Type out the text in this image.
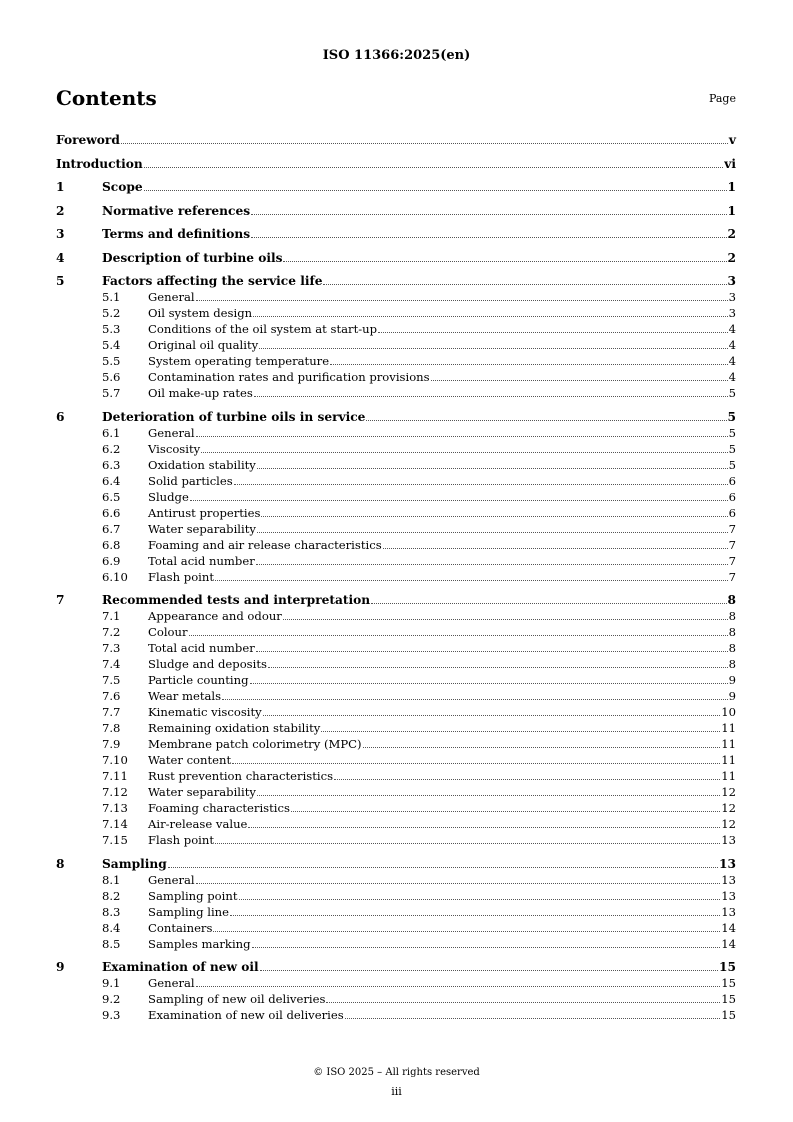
ISO 11366:2025(en)
Contents	Page
Foreword	v
Introduction	vi
1	Scope	1
2	Normative references	1
3	Terms and definitions	2
4	Description of turbine oils	2
5	Factors affecting the service life	3
5.1	General	3
5.2	Oil system design	3
5.3	Conditions of the oil system at start-up	4
5.4	Original oil quality	4
5.5	System operating temperature	4
5.6	Contamination rates and purification provisions	4
5.7	Oil make-up rates	5
6	Deterioration of turbine oils in service	5
6.1	General	5
6.2	Viscosity	5
6.3	Oxidation stability	5
6.4	Solid particles	6
6.5	Sludge	6
6.6	Antirust properties	6
6.7	Water separability	7
6.8	Foaming and air release characteristics	7
6.9	Total acid number	7
6.10	Flash point	7
7	Recommended tests and interpretation	8
7.1	Appearance and odour	8
7.2	Colour	8
7.3	Total acid number	8
7.4	Sludge and deposits	8
7.5	Particle counting	9
7.6	Wear metals	9
7.7	Kinematic viscosity	10
7.8	Remaining oxidation stability	11
7.9	Membrane patch colorimetry (MPC)	11
7.10	Water content	11
7.11	Rust prevention characteristics	11
7.12	Water separability	12
7.13	Foaming characteristics	12
7.14	Air-release value	12
7.15	Flash point	13
8	Sampling	13
8.1	General	13
8.2	Sampling point	13
8.3	Sampling line	13
8.4	Containers	14
8.5	Samples marking	14
9	Examination of new oil	15
9.1	General	15
9.2	Sampling of new oil deliveries	15
9.3	Examination of new oil deliveries	15
© ISO 2025 – All rights reserved
iii
